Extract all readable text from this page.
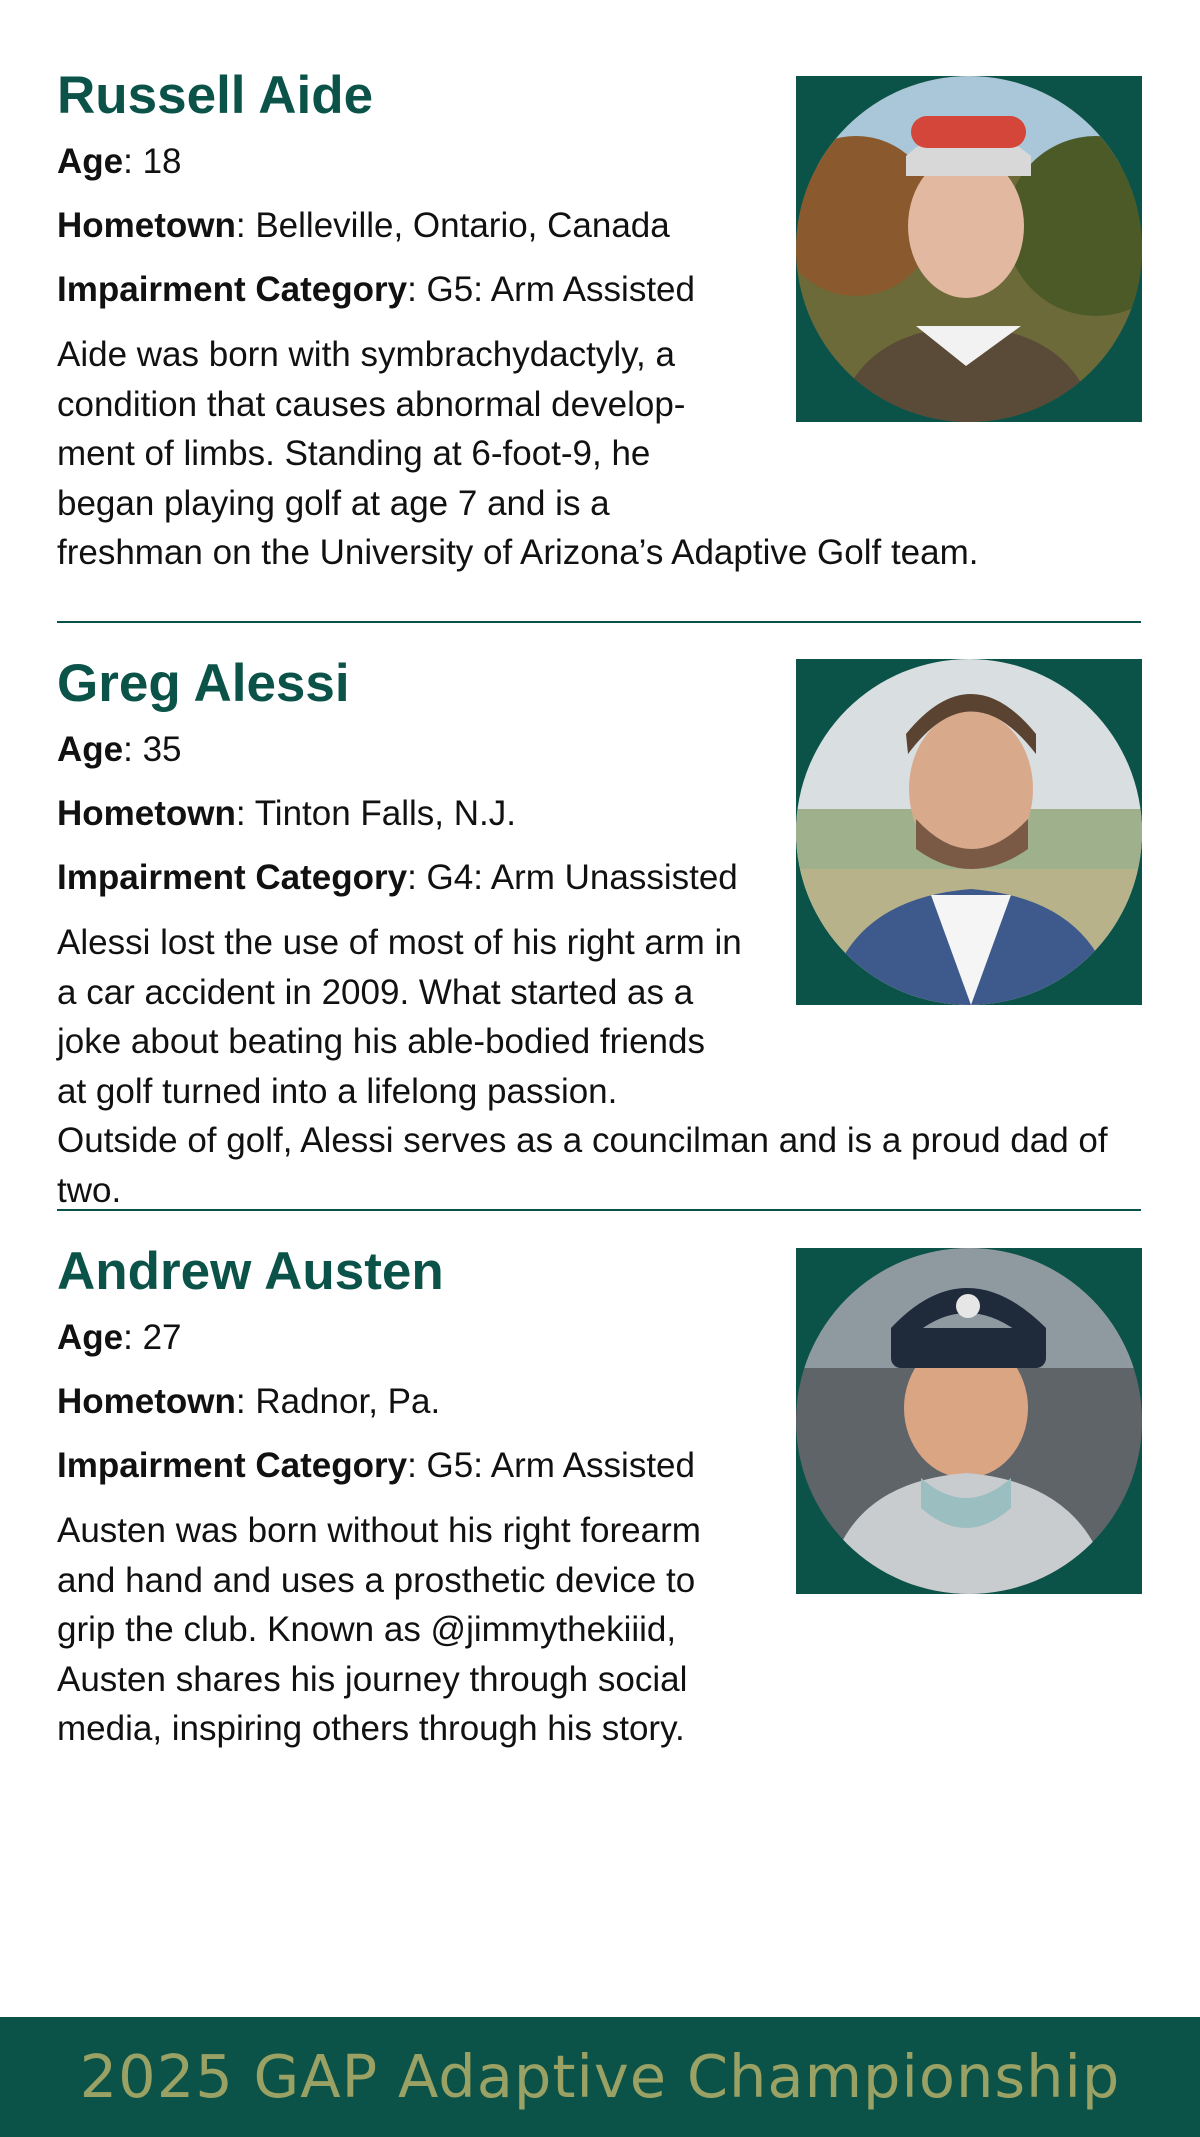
Russell Aide
Age: 18
Hometown: Belleville, Ontario, Canada
Impairment Category: G5: Arm Assisted
Aide was born with symbrachydactyly, a condition that causes abnormal develop-ment of limbs. Standing at 6-foot-9, he began playing golf at age 7 and is a freshman on the University of Arizona’s Adaptive Golf team.
Greg Alessi
Age: 35
Hometown: Tinton Falls, N.J.
Impairment Category: G4: Arm Unassisted
Alessi lost the use of most of his right arm in a car accident in 2009. What started as a joke about beating his able-bodied friends at golf turned into a lifelong passion. Outside of golf, Alessi serves as a councilman and is a proud dad of two.
Andrew Austen
Age: 27
Hometown: Radnor, Pa.
Impairment Category: G5: Arm Assisted
Austen was born without his right forearm and hand and uses a prosthetic device to grip the club. Known as @jimmythekiiid, Austen shares his journey through social media, inspiring others through his story.
2025 GAP Adaptive Championship
